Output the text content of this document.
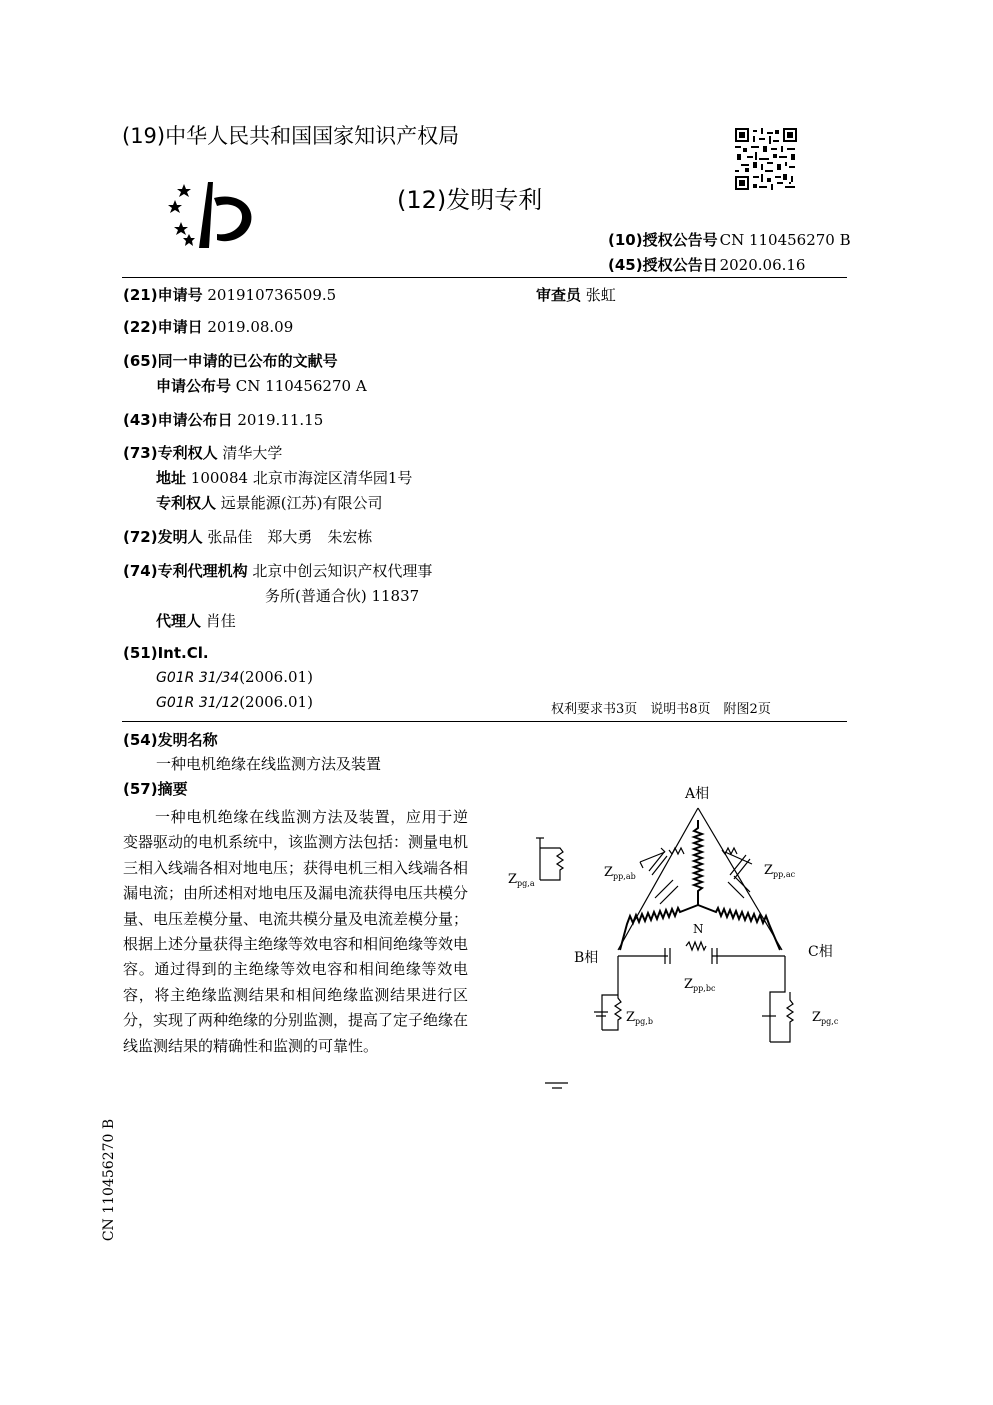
(19)中华人民共和国国家知识产权局
(12)发明专利
(10)授权公告号 CN 110456270 B
(45)授权公告日 2020.06.16
(21)申请号 201910736509.5	审查员 张虹
(22)申请日 2019.08.09
(65)同一申请的已公布的文献号
申请公布号 CN 110456270 A
(43)申请公布日 2019.11.15
(73)专利权人 清华大学
地址 100084 北京市海淀区清华园1号
专利权人 远景能源(江苏)有限公司
(72)发明人 张品佳　郑大勇　朱宏栋
(74)专利代理机构 北京中创云知识产权代理事
务所(普通合伙) 11837
代理人 肖佳
(51)Int.Cl.
G01R 31/34(2006.01)
G01R 31/12(2006.01)	权利要求书3页　说明书8页　附图2页
(54)发明名称
一种电机绝缘在线监测方法及装置
(57)摘要
一种电机绝缘在线监测方法及装置，应用于逆变器驱动的电机系统中，该监测方法包括：测量电机三相入线端各相对地电压；获得电机三相入线端各相漏电流；由所述相对地电压及漏电流获得电压共模分量、电压差模分量、电流共模分量及电流差模分量；根据上述分量获得主绝缘等效电容和相间绝缘等效电容。通过得到的主绝缘等效电容和相间绝缘等效电容，将主绝缘监测结果和相间绝缘监测结果进行区分，实现了两种绝缘的分别监测，提高了定子绝缘在线监测结果的精确性和监测的可靠性。
A相
B相	C相
N
$Z_{pg,a}$
$Z_{pp,ab}$	$Z_{pp,ac}$
$Z_{pp,bc}$
$Z_{pg,b}$	$Z_{pg,c}$
CN 110456270 B
